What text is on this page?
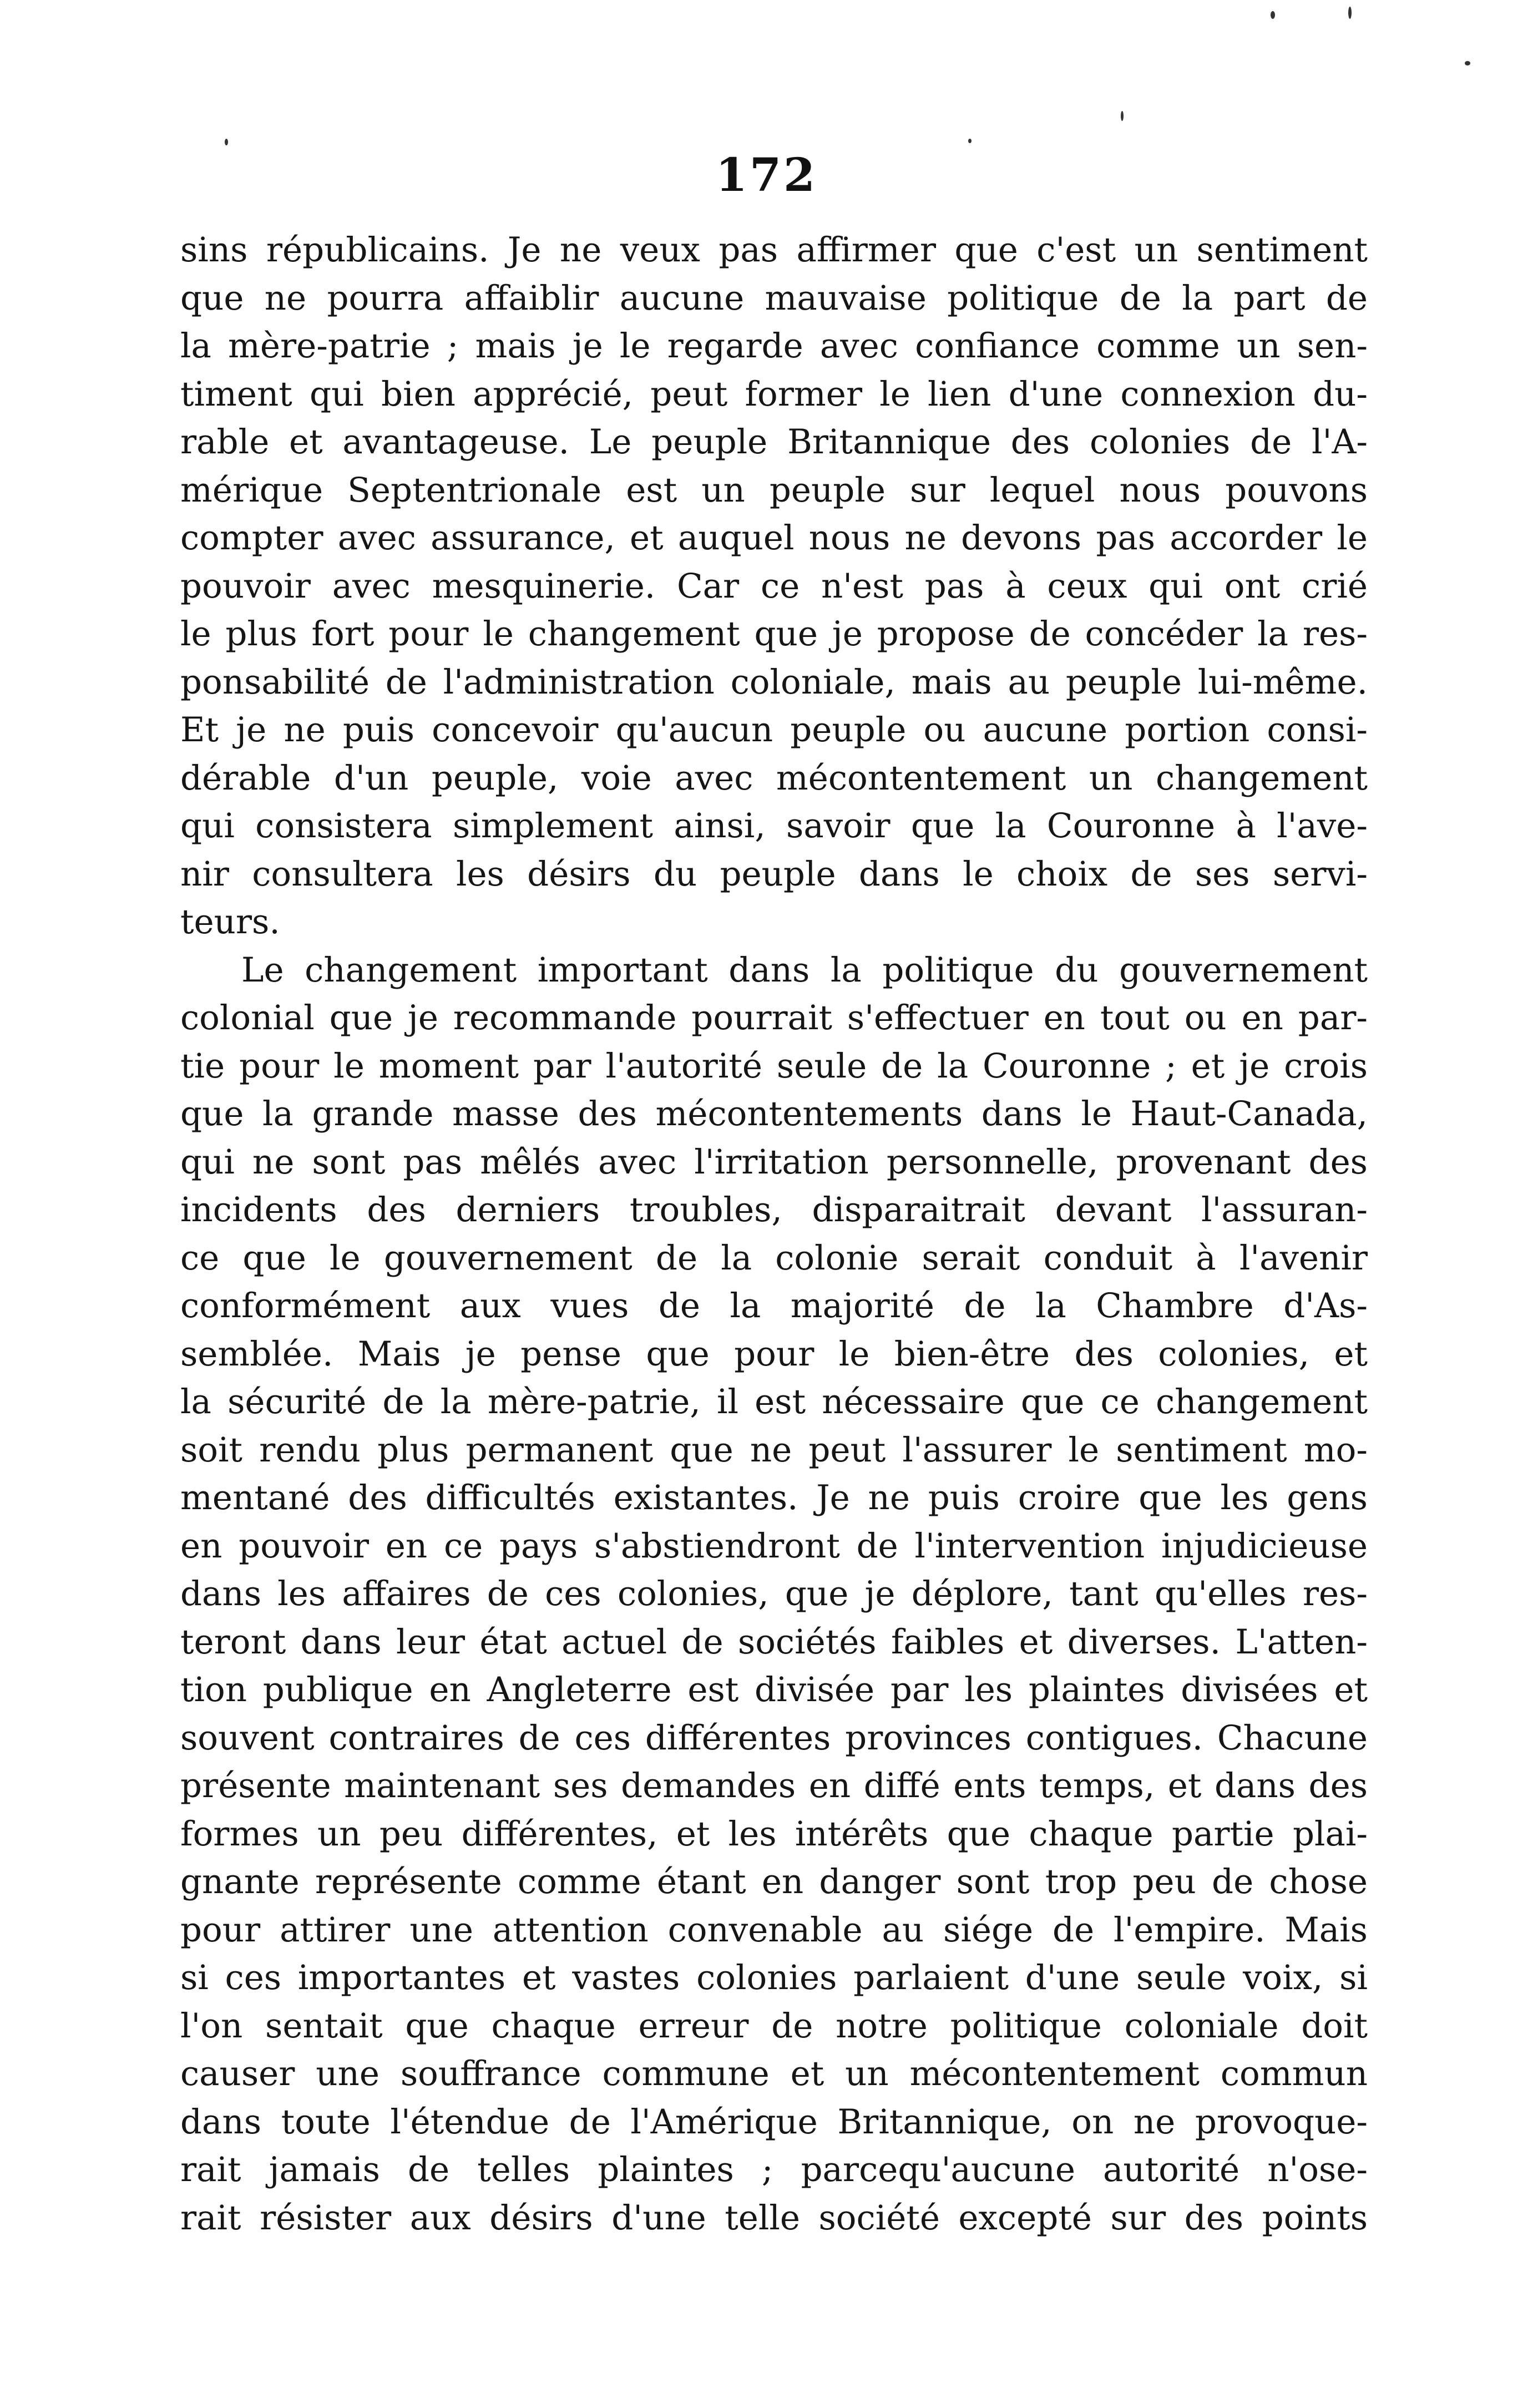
172
sins républicains. Je ne veux pas affirmer que c'est un sentiment
que ne pourra affaiblir aucune mauvaise politique de la part de
la mère-patrie ; mais je le regarde avec confiance comme un sen-
timent qui bien apprécié, peut former le lien d'une connexion du-
rable et avantageuse. Le peuple Britannique des colonies de l'A-
mérique Septentrionale est un peuple sur lequel nous pouvons
compter avec assurance, et auquel nous ne devons pas accorder le
pouvoir avec mesquinerie. Car ce n'est pas à ceux qui ont crié
le plus fort pour le changement que je propose de concéder la res-
ponsabilité de l'administration coloniale, mais au peuple lui-même.
Et je ne puis concevoir qu'aucun peuple ou aucune portion consi-
dérable d'un peuple, voie avec mécontentement un changement
qui consistera simplement ainsi, savoir que la Couronne à l'ave-
nir consultera les désirs du peuple dans le choix de ses servi-
teurs.
Le changement important dans la politique du gouvernement
colonial que je recommande pourrait s'effectuer en tout ou en par-
tie pour le moment par l'autorité seule de la Couronne ; et je crois
que la grande masse des mécontentements dans le Haut-Canada,
qui ne sont pas mêlés avec l'irritation personnelle, provenant des
incidents des derniers troubles, disparaitrait devant l'assuran-
ce que le gouvernement de la colonie serait conduit à l'avenir
conformément aux vues de la majorité de la Chambre d'As-
semblée. Mais je pense que pour le bien-être des colonies, et
la sécurité de la mère-patrie, il est nécessaire que ce changement
soit rendu plus permanent que ne peut l'assurer le sentiment mo-
mentané des difficultés existantes. Je ne puis croire que les gens
en pouvoir en ce pays s'abstiendront de l'intervention injudicieuse
dans les affaires de ces colonies, que je déplore, tant qu'elles res-
teront dans leur état actuel de sociétés faibles et diverses. L'atten-
tion publique en Angleterre est divisée par les plaintes divisées et
souvent contraires de ces différentes provinces contigues. Chacune
présente maintenant ses demandes en diffé ents temps, et dans des
formes un peu différentes, et les intérêts que chaque partie plai-
gnante représente comme étant en danger sont trop peu de chose
pour attirer une attention convenable au siége de l'empire. Mais
si ces importantes et vastes colonies parlaient d'une seule voix, si
l'on sentait que chaque erreur de notre politique coloniale doit
causer une souffrance commune et un mécontentement commun
dans toute l'étendue de l'Amérique Britannique, on ne provoque-
rait jamais de telles plaintes ; parcequ'aucune autorité n'ose-
rait résister aux désirs d'une telle société excepté sur des points
